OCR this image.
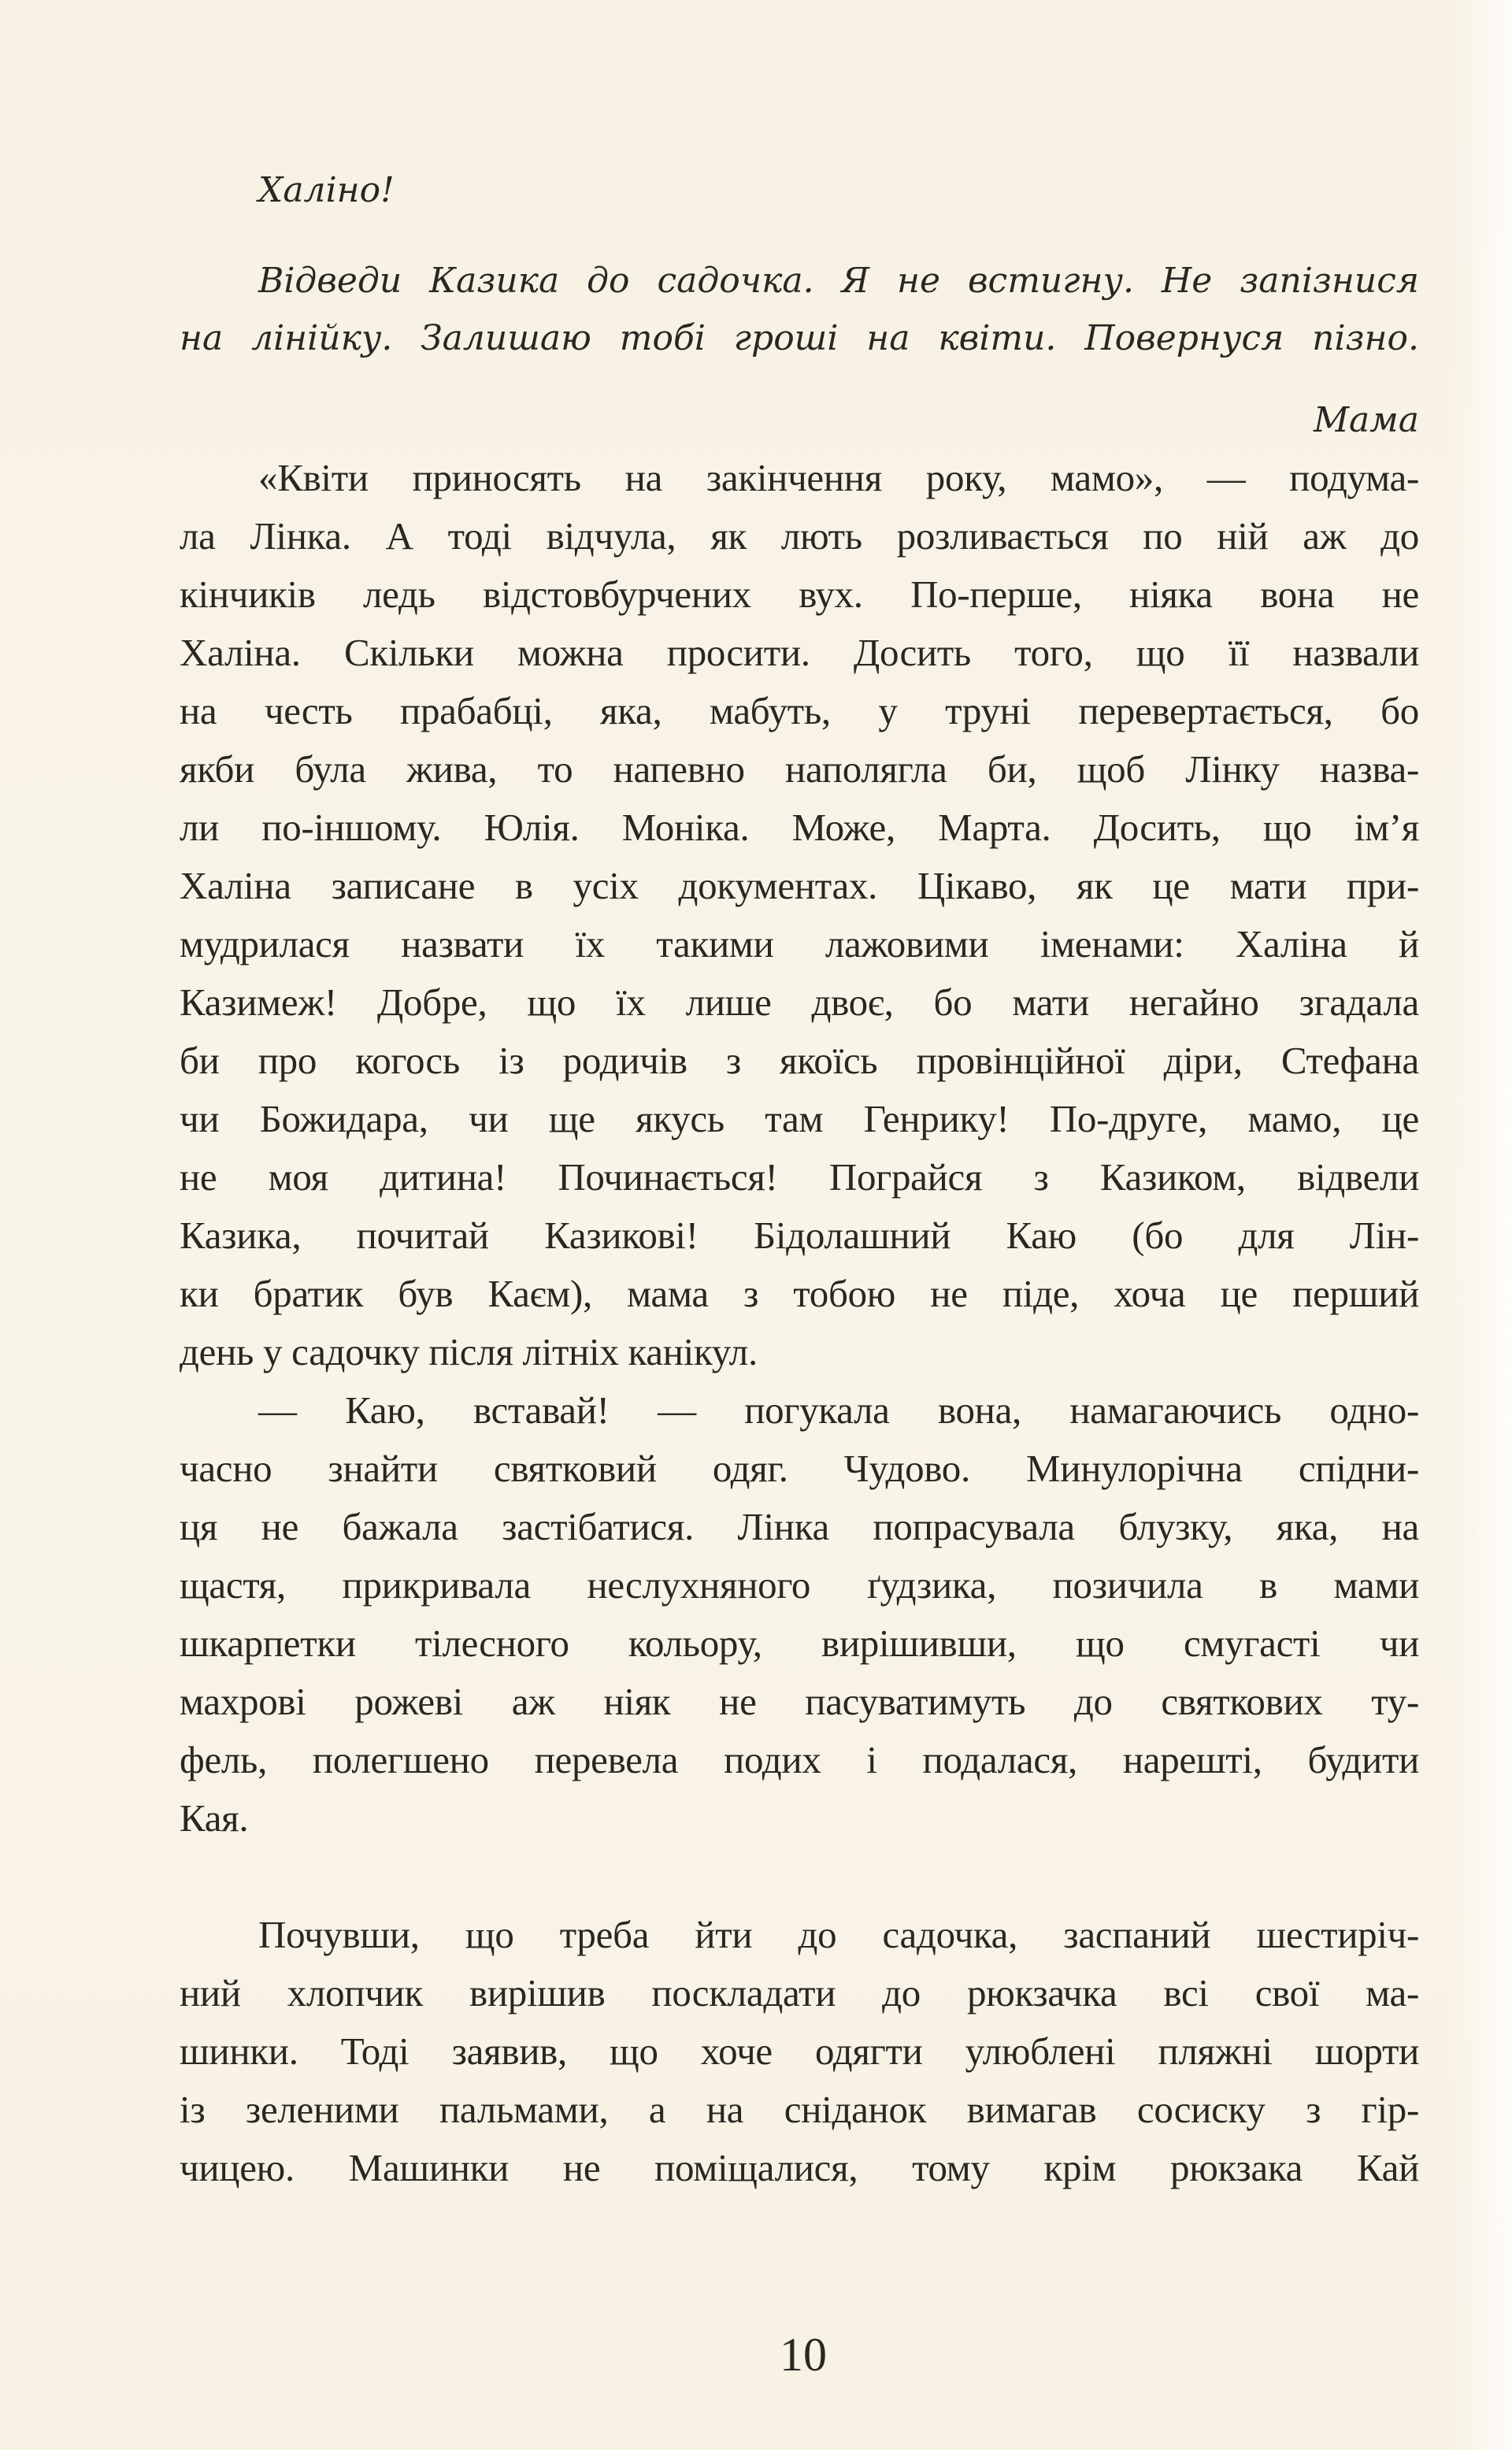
Халіно!
Відведи Казика до садочка. Я не встигну. Не запізнися
на лінійку. Залишаю тобі гроші на квіти. Повернуся пізно.
Мама
«Квіти приносять на закінчення року, мамо», — подума-
ла Лінка. А тоді відчула, як лють розливається по ній аж до
кінчиків ледь відстовбурчених вух. По-перше, ніяка вона не
Халіна. Скільки можна просити. Досить того, що її назвали
на честь прабабці, яка, мабуть, у труні перевертається, бо
якби була жива, то напевно наполягла би, щоб Лінку назва-
ли по-іншому. Юлія. Моніка. Може, Марта. Досить, що ім’я
Халіна записане в усіх документах. Цікаво, як це мати при-
мудрилася назвати їх такими лажовими іменами: Халіна й
Казимеж! Добре, що їх лише двоє, бо мати негайно згадала
би про когось із родичів з якоїсь провінційної діри, Стефана
чи Божидара, чи ще якусь там Генрику! По-друге, мамо, це
не моя дитина! Починається! Пограйся з Казиком, відвели
Казика, почитай Казикові! Бідолашний Каю (бо для Лін-
ки братик був Каєм), мама з тобою не піде, хоча це перший
день у садочку після літніх канікул.
— Каю, вставай! — погукала вона, намагаючись одно-
часно знайти святковий одяг. Чудово. Минулорічна спідни-
ця не бажала застібатися. Лінка попрасувала блузку, яка, на
щастя, прикривала неслухняного ґудзика, позичила в мами
шкарпетки тілесного кольору, вирішивши, що смугасті чи
махрові рожеві аж ніяк не пасуватимуть до святкових ту-
фель, полегшено перевела подих і подалася, нарешті, будити
Кая.
Почувши, що треба йти до садочка, заспаний шестиріч-
ний хлопчик вирішив поскладати до рюкзачка всі свої ма-
шинки. Тоді заявив, що хоче одягти улюблені пляжні шорти
із зеленими пальмами, а на сніданок вимагав сосиску з гір-
чицею. Машинки не поміщалися, тому крім рюкзака Кай
10
